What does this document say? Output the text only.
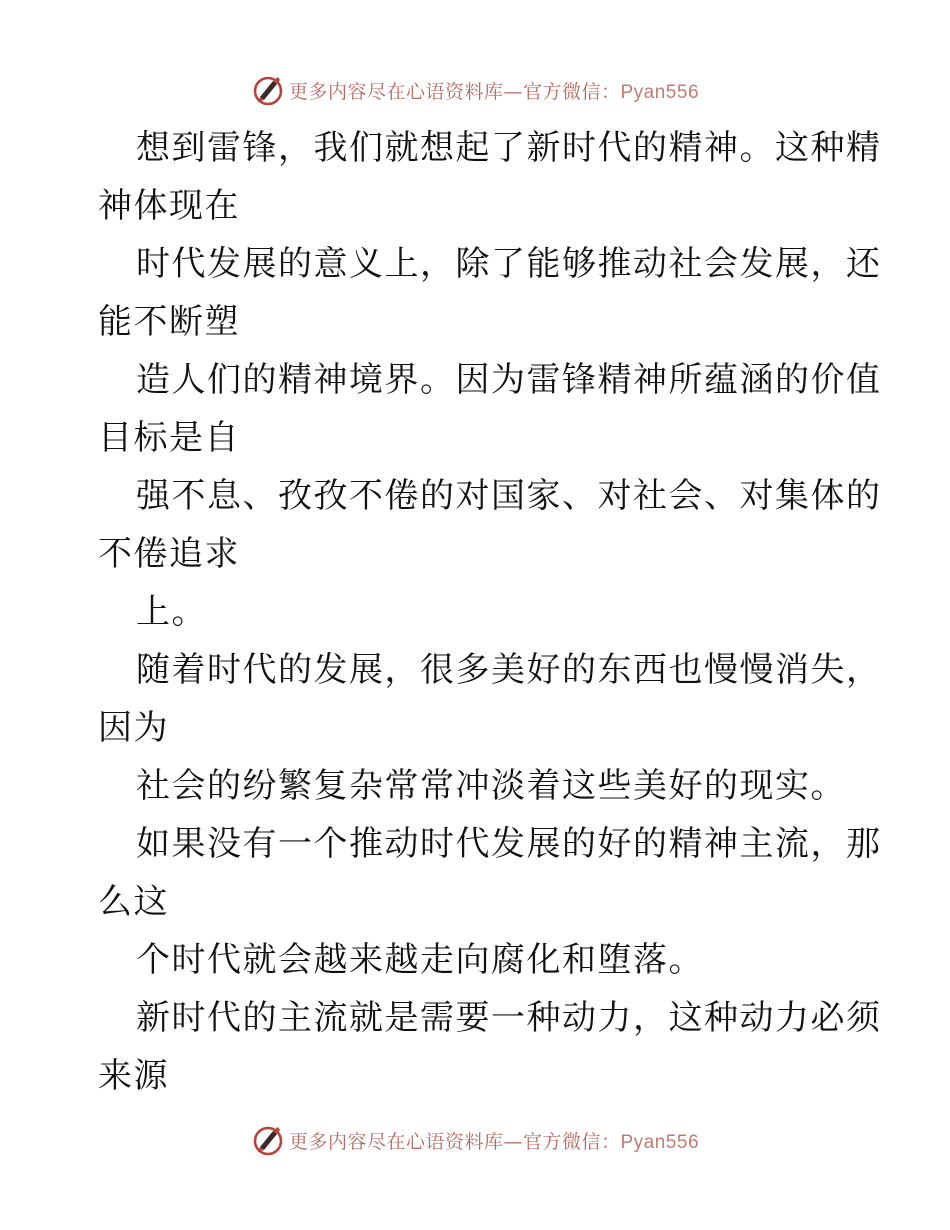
更多内容尽在心语资料库—官方微信：Pyan556
想到雷锋，我们就想起了新时代的精神。这种精
神体现在
时代发展的意义上，除了能够推动社会发展，还
能不断塑
造人们的精神境界。因为雷锋精神所蕴涵的价值
目标是自
强不息、孜孜不倦的对国家、对社会、对集体的
不倦追求
上。
随着时代的发展，很多美好的东西也慢慢消失，
因为
社会的纷繁复杂常常冲淡着这些美好的现实。
如果没有一个推动时代发展的好的精神主流，那
么这
个时代就会越来越走向腐化和堕落。
新时代的主流就是需要一种动力，这种动力必须
来源
更多内容尽在心语资料库—官方微信：Pyan556
